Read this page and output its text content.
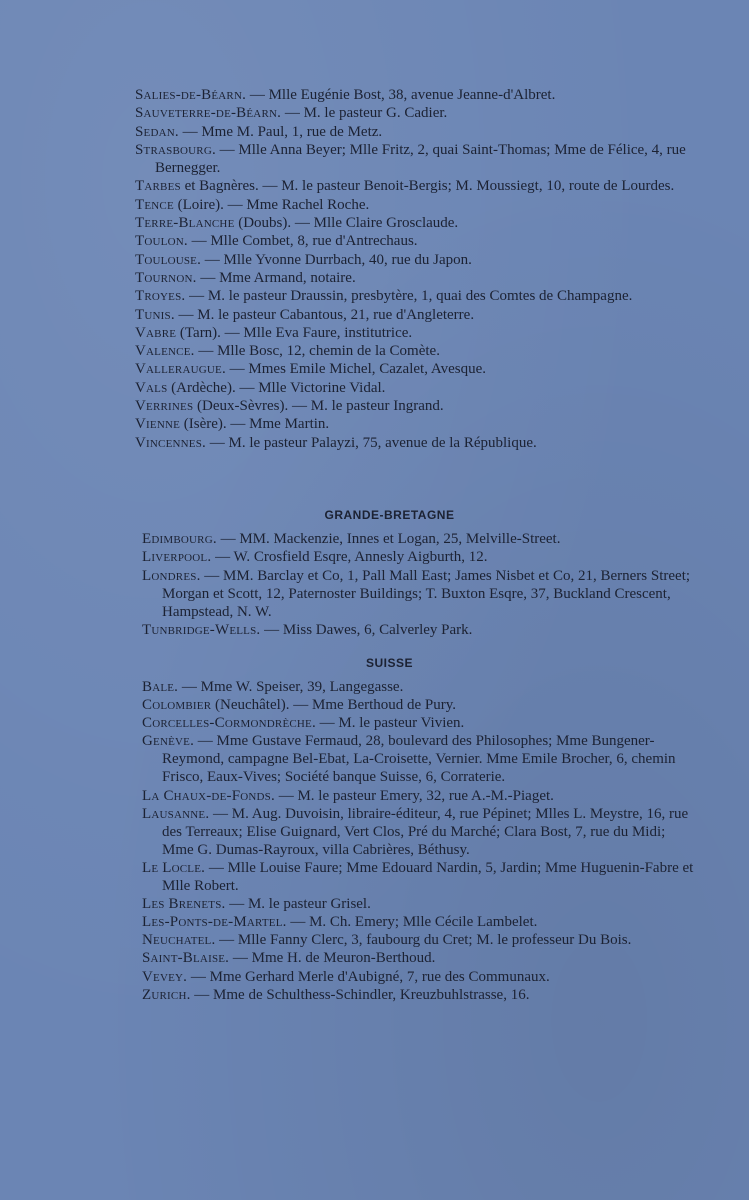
Salies-de-Béarn. — Mlle Eugénie Bost, 38, avenue Jeanne-d'Albret.

Sauveterre-de-Béarn. — M. le pasteur G. Cadier.

Sedan. — Mme M. Paul, 1, rue de Metz.

Strasbourg. — Mlle Anna Beyer; Mlle Fritz, 2, quai Saint-Thomas; Mme de Félice, 4, rue Bernegger.

Tarbes et Bagnères. — M. le pasteur Benoit-Bergis; M. Moussiegt, 10, route de Lourdes.

Tence (Loire). — Mme Rachel Roche.

Terre-Blanche (Doubs). — Mlle Claire Grosclaude.

Toulon. — Mlle Combet, 8, rue d'Antrechaus.

Toulouse. — Mlle Yvonne Durrbach, 40, rue du Japon.

Tournon. — Mme Armand, notaire.

Troyes. — M. le pasteur Draussin, presbytère, 1, quai des Comtes de Champagne.

Tunis. — M. le pasteur Cabantous, 21, rue d'Angleterre.

Vabre (Tarn). — Mlle Eva Faure, institutrice.

Valence. — Mlle Bosc, 12, chemin de la Comète.

Valleraugue. — Mmes Emile Michel, Cazalet, Avesque.

Vals (Ardèche). — Mlle Victorine Vidal.

Verrines (Deux-Sèvres). — M. le pasteur Ingrand.

Vienne (Isère). — Mme Martin.

Vincennes. — M. le pasteur Palayzi, 75, avenue de la République.

GRANDE-BRETAGNE

Edimbourg. — MM. Mackenzie, Innes et Logan, 25, Melville-Street.

Liverpool. — W. Crosfield Esqre, Annesly Aigburth, 12.

Londres. — MM. Barclay et Co, 1, Pall Mall East; James Nisbet et Co, 21, Berners Street; Morgan et Scott, 12, Paternoster Buildings; T. Buxton Esqre, 37, Buckland Crescent, Hampstead, N. W.

Tunbridge-Wells. — Miss Dawes, 6, Calverley Park.

SUISSE

Bale. — Mme W. Speiser, 39, Langegasse.

Colombier (Neuchâtel). — Mme Berthoud de Pury.

Corcelles-Cormondrèche. — M. le pasteur Vivien.

Genève. — Mme Gustave Fermaud, 28, boulevard des Philosophes; Mme Bungener-Reymond, campagne Bel-Ebat, La-Croisette, Vernier. Mme Emile Brocher, 6, chemin Frisco, Eaux-Vives; Société banque Suisse, 6, Corraterie.

La Chaux-de-Fonds. — M. le pasteur Emery, 32, rue A.-M.-Piaget.

Lausanne. — M. Aug. Duvoisin, libraire-éditeur, 4, rue Pépinet; Mlles L. Meystre, 16, rue des Terreaux; Elise Guignard, Vert Clos, Pré du Marché; Clara Bost, 7, rue du Midi; Mme G. Dumas-Rayroux, villa Cabrières, Béthusy.

Le Locle. — Mlle Louise Faure; Mme Edouard Nardin, 5, Jardin; Mme Huguenin-Fabre et Mlle Robert.

Les Brenets. — M. le pasteur Grisel.

Les-Ponts-de-Martel. — M. Ch. Emery; Mlle Cécile Lambelet.

Neuchatel. — Mlle Fanny Clerc, 3, faubourg du Cret; M. le professeur Du Bois.

Saint-Blaise. — Mme H. de Meuron-Berthoud.

Vevey. — Mme Gerhard Merle d'Aubigné, 7, rue des Communaux.

Zurich. — Mme de Schulthess-Schindler, Kreuzbuhlstrasse, 16.
